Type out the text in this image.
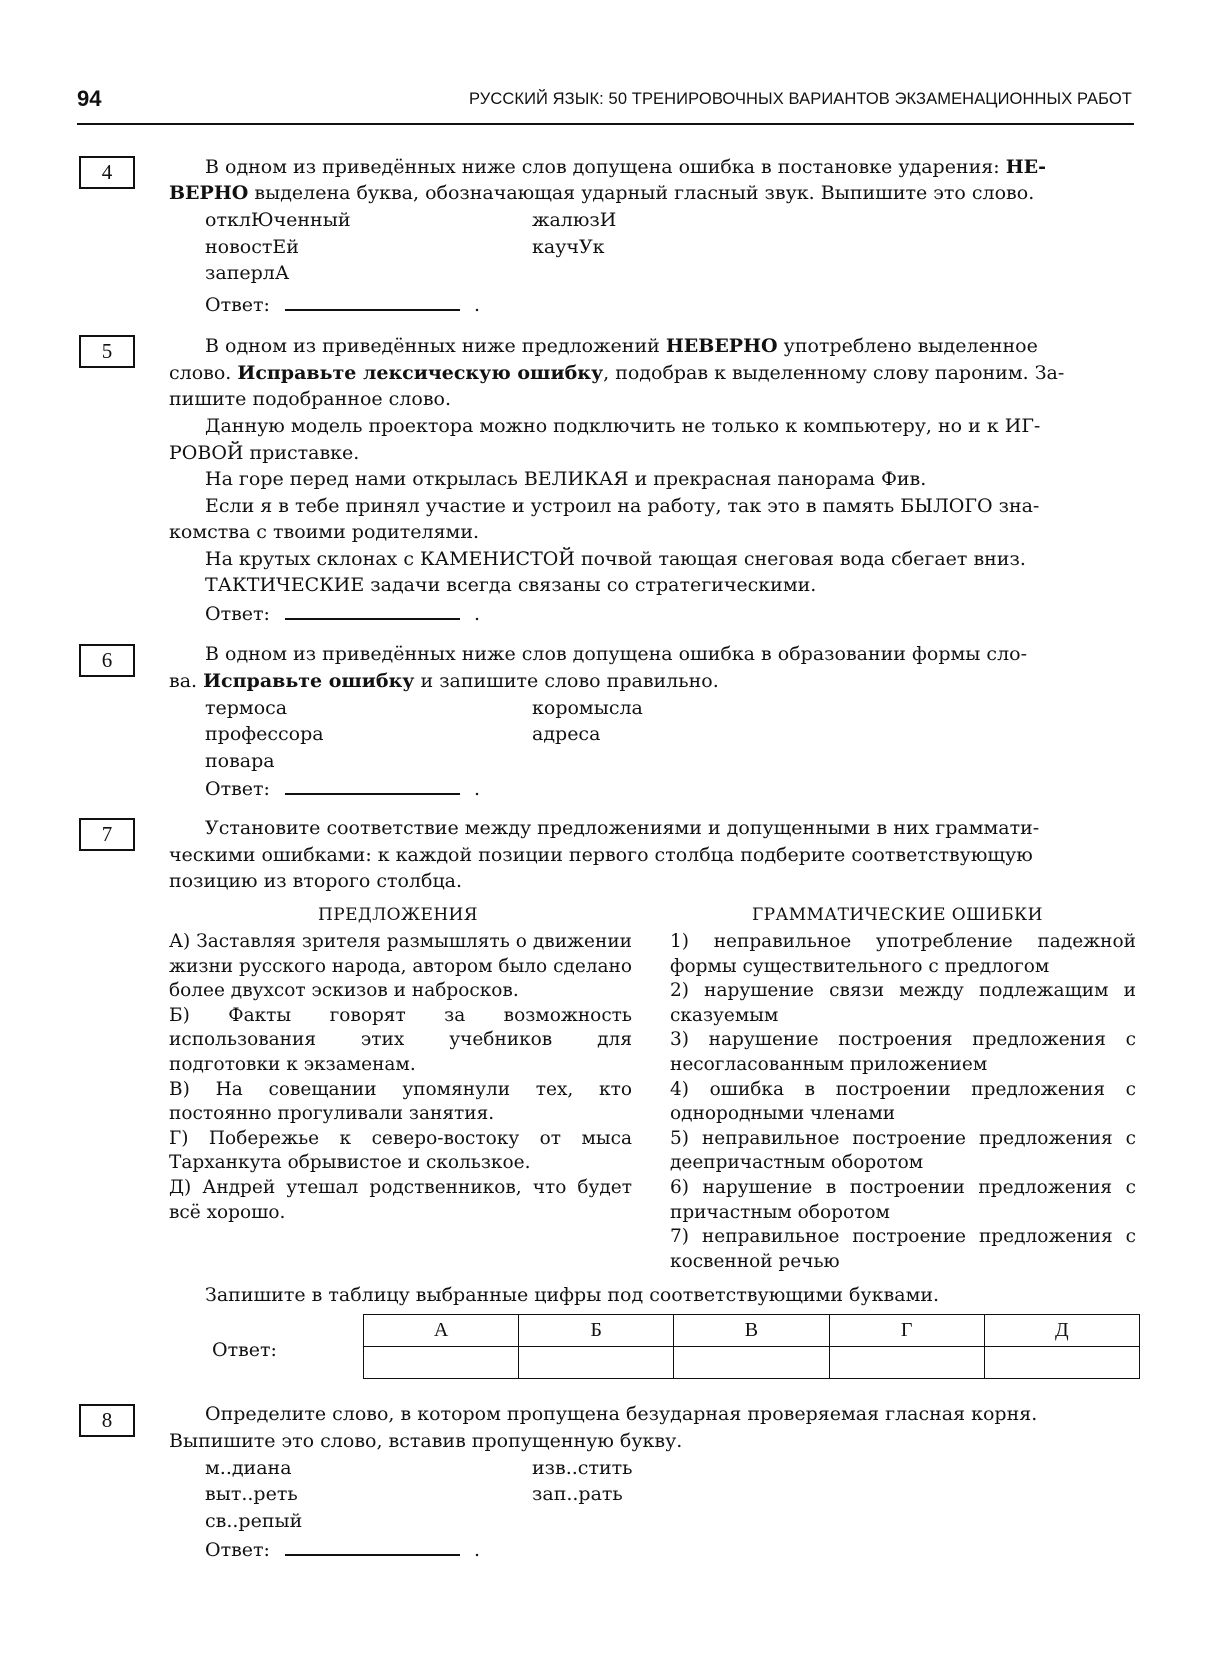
94	РУССКИЙ ЯЗЫК: 50 ТРЕНИРОВОЧНЫХ ВАРИАНТОВ ЭКЗАМЕНАЦИОННЫХ РАБОТ
4	В одном из приведённых ниже слов допущена ошибка в постановке ударения: НЕ-
ВЕРНО выделена буква, обозначающая ударный гласный звук. Выпишите это слово.
отклЮченный	жалюзИ
новостЕй	каучУк
заперлА
Ответ:	.
5	В одном из приведённых ниже предложений НЕВЕРНО употреблено выделенное
слово. Исправьте лексическую ошибку, подобрав к выделенному слову пароним. За-
пишите подобранное слово.
Данную модель проектора можно подключить не только к компьютеру, но и к ИГ-
РОВОЙ приставке.
На горе перед нами открылась ВЕЛИКАЯ и прекрасная панорама Фив.
Если я в тебе принял участие и устроил на работу, так это в память БЫЛОГО зна-
комства с твоими родителями.
На крутых склонах с КАМЕНИСТОЙ почвой тающая снеговая вода сбегает вниз.
ТАКТИЧЕСКИЕ задачи всегда связаны со стратегическими.
Ответ:	.
6	В одном из приведённых ниже слов допущена ошибка в образовании формы сло-
ва. Исправьте ошибку и запишите слово правильно.
термоса	коромысла
профессора	адреса
повара
Ответ:	.
7	Установите соответствие между предложениями и допущенными в них граммати-
ческими ошибками: к каждой позиции первого столбца подберите соответствующую
позицию из второго столбца.
ПРЕДЛОЖЕНИЯ	ГРАММАТИЧЕСКИЕ ОШИБКИ
А) Заставляя зрителя размышлять о движении жизни русского народа, автором было сделано более двухсот эскизов и набросков.
Б) Факты говорят за возможность использования этих учебников для подготовки к экзаменам.
В) На совещании упомянули тех, кто постоянно прогуливали занятия.
Г) Побережье к северо-востоку от мыса Тарханкута обрывистое и скользкое.
Д) Андрей утешал родственников, что будет всё хорошо.
1) неправильное употребление падежной формы существительного с предлогом
2) нарушение связи между подлежащим и сказуемым
3) нарушение построения предложения с несогласованным приложением
4) ошибка в построении предложения с однородными членами
5) неправильное построение предложения с деепричастным оборотом
6) нарушение в построении предложения с причастным оборотом
7) неправильное построение предложения с косвенной речью
Запишите в таблицу выбранные цифры под соответствующими буквами.
Ответ:
А	Б	В	Г	Д

8	Определите слово, в котором пропущена безударная проверяемая гласная корня.
Выпишите это слово, вставив пропущенную букву.
м..диана	изв..стить
выт..реть	зап..рать
св..репый
Ответ:	.
